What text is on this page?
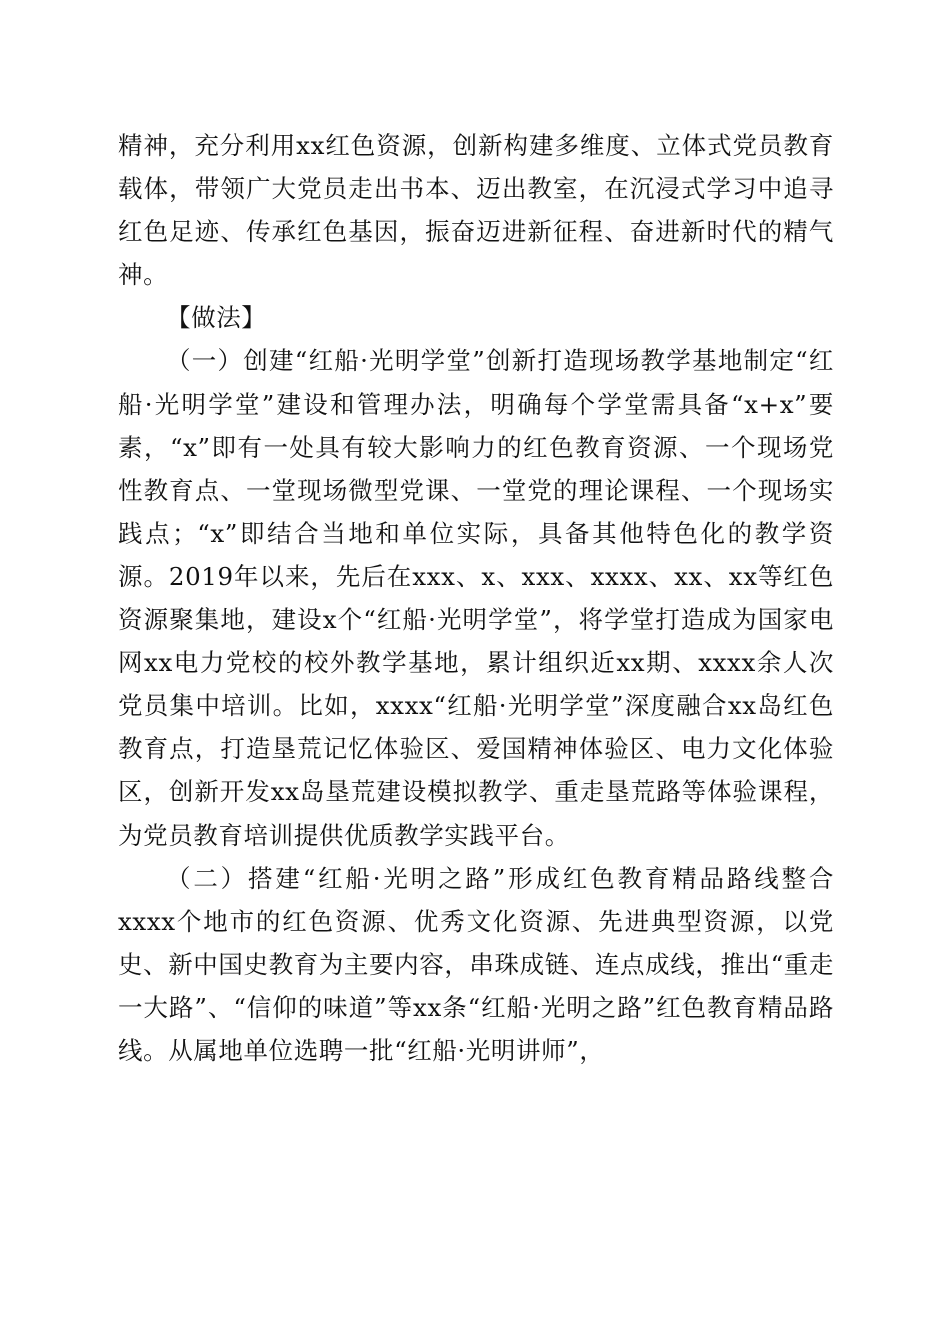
精神，充分利用xx红色资源，创新构建多维度、立体式党员教育载体，带领广大党员走出书本、迈出教室，在沉浸式学习中追寻红色足迹、传承红色基因，振奋迈进新征程、奋进新时代的精气神。

【做法】

（一）创建“红船·光明学堂”创新打造现场教学基地制定“红船·光明学堂”建设和管理办法，明确每个学堂需具备“x+x”要素，“x”即有一处具有较大影响力的红色教育资源、一个现场党性教育点、一堂现场微型党课、一堂党的理论课程、一个现场实践点；“x”即结合当地和单位实际，具备其他特色化的教学资源。2019年以来，先后在xxx、x、xxx、xxxx、xx、xx等红色资源聚集地，建设x个“红船·光明学堂”，将学堂打造成为国家电网xx电力党校的校外教学基地，累计组织近xx期、xxxx余人次党员集中培训。比如，xxxx“红船·光明学堂”深度融合xx岛红色教育点，打造垦荒记忆体验区、爱国精神体验区、电力文化体验区，创新开发xx岛垦荒建设模拟教学、重走垦荒路等体验课程，为党员教育培训提供优质教学实践平台。

（二）搭建“红船·光明之路”形成红色教育精品路线整合xxxx个地市的红色资源、优秀文化资源、先进典型资源，以党史、新中国史教育为主要内容，串珠成链、连点成线，推出“重走一大路”、“信仰的味道”等xx条“红船·光明之路”红色教育精品路线。从属地单位选聘一批“红船·光明讲师”，
